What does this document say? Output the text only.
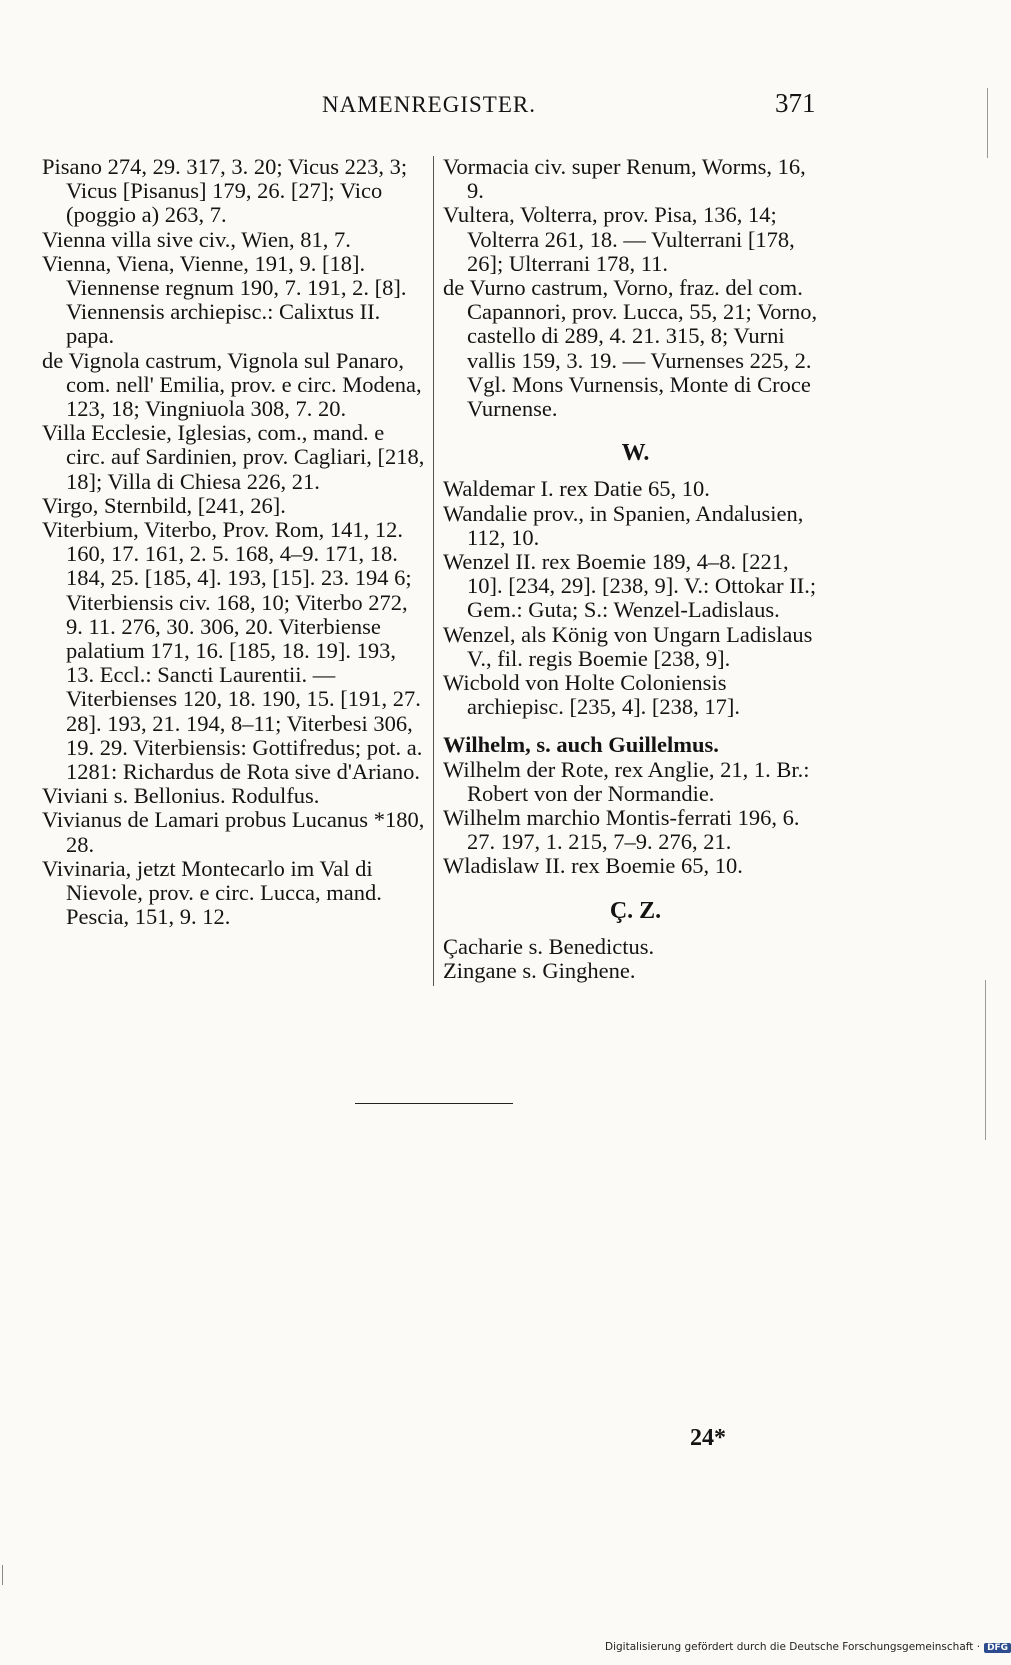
NAMENREGISTER.	371

Pisano 274, 29. 317, 3. 20; Vicus 223, 3; Vicus [Pisanus] 179, 26. [27]; Vico (poggio a) 263, 7.

Vienna villa sive civ., Wien, 81, 7.

Vienna, Viena, Vienne, 191, 9. [18]. Viennense regnum 190, 7. 191, 2. [8]. Viennensis archiepisc.: Calixtus II. papa.

de Vignola castrum, Vignola sul Panaro, com. nell' Emilia, prov. e circ. Modena, 123, 18; Vingniuola 308, 7. 20.

Villa Ecclesie, Iglesias, com., mand. e circ. auf Sardinien, prov. Cagliari, [218, 18]; Villa di Chiesa 226, 21.

Virgo, Sternbild, [241, 26].

Viterbium, Viterbo, Prov. Rom, 141, 12. 160, 17. 161, 2. 5. 168, 4–9. 171, 18. 184, 25. [185, 4]. 193, [15]. 23. 194 6; Viterbiensis civ. 168, 10; Viterbo 272, 9. 11. 276, 30. 306, 20. Viterbiense palatium 171, 16. [185, 18. 19]. 193, 13. Eccl.: Sancti Laurentii. — Viterbienses 120, 18. 190, 15. [191, 27. 28]. 193, 21. 194, 8–11; Viterbesi 306, 19. 29. Viterbiensis: Gottifredus; pot. a. 1281: Richardus de Rota sive d'Ariano.

Viviani s. Bellonius. Rodulfus.

Vivianus de Lamari probus Lucanus *180, 28.

Vivinaria, jetzt Montecarlo im Val di Nievole, prov. e circ. Lucca, mand. Pescia, 151, 9. 12.

Vormacia civ. super Renum, Worms, 16, 9.

Vultera, Volterra, prov. Pisa, 136, 14; Volterra 261, 18. — Vulterrani [178, 26]; Ulterrani 178, 11.

de Vurno castrum, Vorno, fraz. del com. Capannori, prov. Lucca, 55, 21; Vorno, castello di 289, 4. 21. 315, 8; Vurni vallis 159, 3. 19. — Vurnenses 225, 2. Vgl. Mons Vurnensis, Monte di Croce Vurnense.

W.

Waldemar I. rex Datie 65, 10.

Wandalie prov., in Spanien, Andalusien, 112, 10.

Wenzel II. rex Boemie 189, 4–8. [221, 10]. [234, 29]. [238, 9]. V.: Ottokar II.; Gem.: Guta; S.: Wenzel-Ladislaus.

Wenzel, als König von Ungarn Ladislaus V., fil. regis Boemie [238, 9].

Wicbold von Holte Coloniensis archiepisc. [235, 4]. [238, 17].

Wilhelm, s. auch Guillelmus.

Wilhelm der Rote, rex Anglie, 21, 1. Br.: Robert von der Normandie.

Wilhelm marchio Montis-ferrati 196, 6. 27. 197, 1. 215, 7–9. 276, 21.

Wladislaw II. rex Boemie 65, 10.

Ç. Z.

Çacharie s. Benedictus.

Zingane s. Ginghene.

24*
Digitalisierung gefördert durch die Deutsche Forschungsgemeinschaft · DFG
